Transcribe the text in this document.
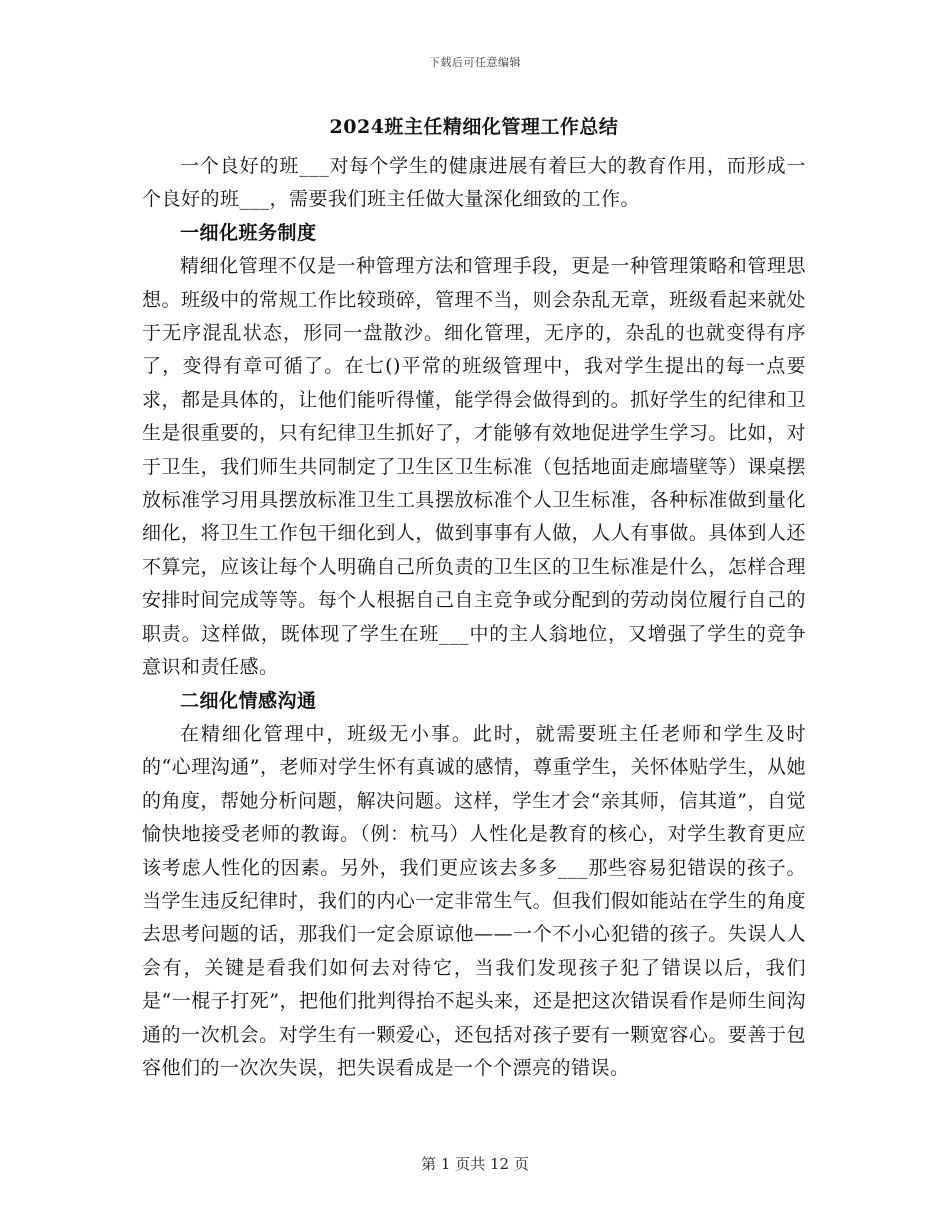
下载后可任意编辑
2024班主任精细化管理工作总结

一个良好的班___对每个学生的健康进展有着巨大的教育作用，而形成一个良好的班___，需要我们班主任做大量深化细致的工作。

一细化班务制度

精细化管理不仅是一种管理方法和管理手段，更是一种管理策略和管理思想。班级中的常规工作比较琐碎，管理不当，则会杂乱无章，班级看起来就处于无序混乱状态，形同一盘散沙。细化管理，无序的，杂乱的也就变得有序了，变得有章可循了。在七()平常的班级管理中，我对学生提出的每一点要求，都是具体的，让他们能听得懂，能学得会做得到的。抓好学生的纪律和卫生是很重要的，只有纪律卫生抓好了，才能够有效地促进学生学习。比如，对于卫生，我们师生共同制定了卫生区卫生标准（包括地面走廊墙壁等）课桌摆放标准学习用具摆放标准卫生工具摆放标准个人卫生标准，各种标准做到量化细化，将卫生工作包干细化到人，做到事事有人做，人人有事做。具体到人还不算完，应该让每个人明确自己所负责的卫生区的卫生标准是什么，怎样合理安排时间完成等等。每个人根据自己自主竞争或分配到的劳动岗位履行自己的职责。这样做，既体现了学生在班___中的主人翁地位，又增强了学生的竞争意识和责任感。

二细化情感沟通

在精细化管理中，班级无小事。此时，就需要班主任老师和学生及时的“心理沟通”，老师对学生怀有真诚的感情，尊重学生，关怀体贴学生，从她的角度，帮她分析问题，解决问题。这样，学生才会“亲其师，信其道”，自觉愉快地接受老师的教诲。（例：杭马）人性化是教育的核心，对学生教育更应该考虑人性化的因素。另外，我们更应该去多多___那些容易犯错误的孩子。当学生违反纪律时，我们的内心一定非常生气。但我们假如能站在学生的角度去思考问题的话，那我们一定会原谅他——一个不小心犯错的孩子。失误人人会有，关键是看我们如何去对待它，当我们发现孩子犯了错误以后，我们是“一棍子打死”，把他们批判得抬不起头来，还是把这次错误看作是师生间沟通的一次机会。对学生有一颗爱心，还包括对孩子要有一颗宽容心。要善于包容他们的一次次失误，把失误看成是一个个漂亮的错误。

第 1 页共 12 页
